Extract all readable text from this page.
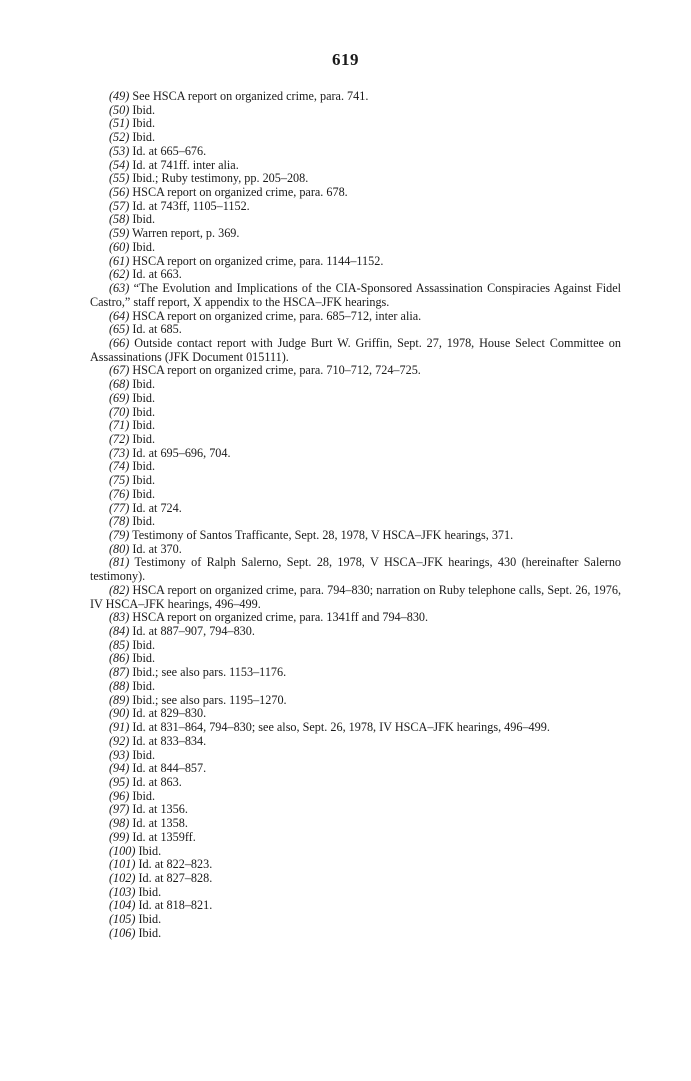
619

(49) See HSCA report on organized crime, para. 741.

(50) Ibid.

(51) Ibid.

(52) Ibid.

(53) Id. at 665–676.

(54) Id. at 741ff. inter alia.

(55) Ibid.; Ruby testimony, pp. 205–208.

(56) HSCA report on organized crime, para. 678.

(57) Id. at 743ff, 1105–1152.

(58) Ibid.

(59) Warren report, p. 369.

(60) Ibid.

(61) HSCA report on organized crime, para. 1144–1152.

(62) Id. at 663.

(63) “The Evolution and Implications of the CIA-Sponsored Assassination Conspiracies Against Fidel Castro,” staff report, X appendix to the HSCA–JFK hearings.

(64) HSCA report on organized crime, para. 685–712, inter alia.

(65) Id. at 685.

(66) Outside contact report with Judge Burt W. Griffin, Sept. 27, 1978, House Select Committee on Assassinations (JFK Document 015111).

(67) HSCA report on organized crime, para. 710–712, 724–725.

(68) Ibid.

(69) Ibid.

(70) Ibid.

(71) Ibid.

(72) Ibid.

(73) Id. at 695–696, 704.

(74) Ibid.

(75) Ibid.

(76) Ibid.

(77) Id. at 724.

(78) Ibid.

(79) Testimony of Santos Trafficante, Sept. 28, 1978, V HSCA–JFK hearings, 371.

(80) Id. at 370.

(81) Testimony of Ralph Salerno, Sept. 28, 1978, V HSCA–JFK hearings, 430 (hereinafter Salerno testimony).

(82) HSCA report on organized crime, para. 794–830; narration on Ruby telephone calls, Sept. 26, 1976, IV HSCA–JFK hearings, 496–499.

(83) HSCA report on organized crime, para. 1341ff and 794–830.

(84) Id. at 887–907, 794–830.

(85) Ibid.

(86) Ibid.

(87) Ibid.; see also pars. 1153–1176.

(88) Ibid.

(89) Ibid.; see also pars. 1195–1270.

(90) Id. at 829–830.

(91) Id. at 831–864, 794–830; see also, Sept. 26, 1978, IV HSCA–JFK hearings, 496–499.

(92) Id. at 833–834.

(93) Ibid.

(94) Id. at 844–857.

(95) Id. at 863.

(96) Ibid.

(97) Id. at 1356.

(98) Id. at 1358.

(99) Id. at 1359ff.

(100) Ibid.

(101) Id. at 822–823.

(102) Id. at 827–828.

(103) Ibid.

(104) Id. at 818–821.

(105) Ibid.

(106) Ibid.
